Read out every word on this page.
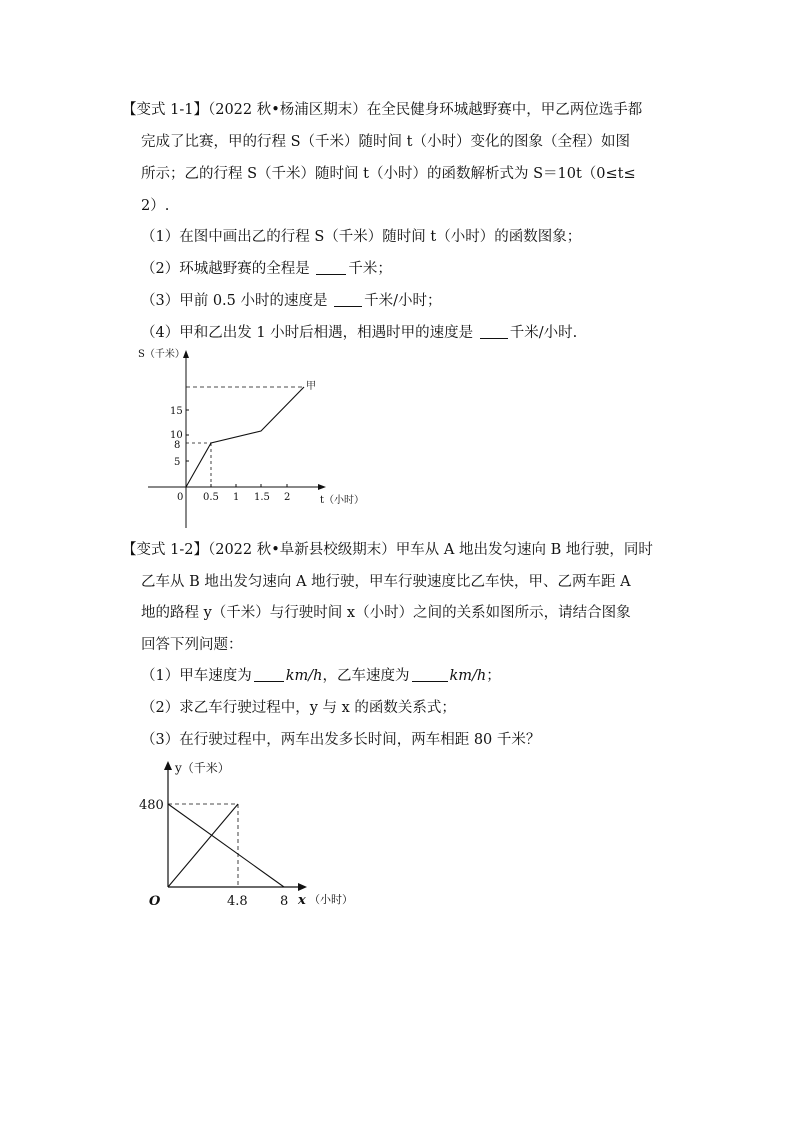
【变式 1-1】（2022 秋•杨浦区期末）在全民健身环城越野赛中，甲乙两位选手都
完成了比赛，甲的行程 S（千米）随时间 t（小时）变化的图象（全程）如图
所示；乙的行程 S（千米）随时间 t（小时）的函数解析式为 S＝10t（0≤t≤
2）.
（1）在图中画出乙的行程 S（千米）随时间 t（小时）的函数图象；
（2）环城越野赛的全程是 千米；
（3）甲前 0.5 小时的速度是 千米/小时；
（4）甲和乙出发 1 小时后相遇，相遇时甲的速度是 千米/小时.
S（千米）
t（小时）
甲
0 0.5 1 1.5 2
5
8
10
15
【变式 1-2】（2022 秋•阜新县校级期末）甲车从 A 地出发匀速向 B 地行驶，同时
乙车从 B 地出发匀速向 A 地行驶，甲车行驶速度比乙车快，甲、乙两车距 A
地的路程 y（千米）与行驶时间 x（小时）之间的关系如图所示，请结合图象
回答下列问题：
（1）甲车速度为 km/h，乙车速度为	km/h；
（2）求乙车行驶过程中，y 与 x 的函数关系式；
（3）在行驶过程中，两车出发多长时间，两车相距 80 千米？
y（千米）
O
480
4.8 8 x （小时）
